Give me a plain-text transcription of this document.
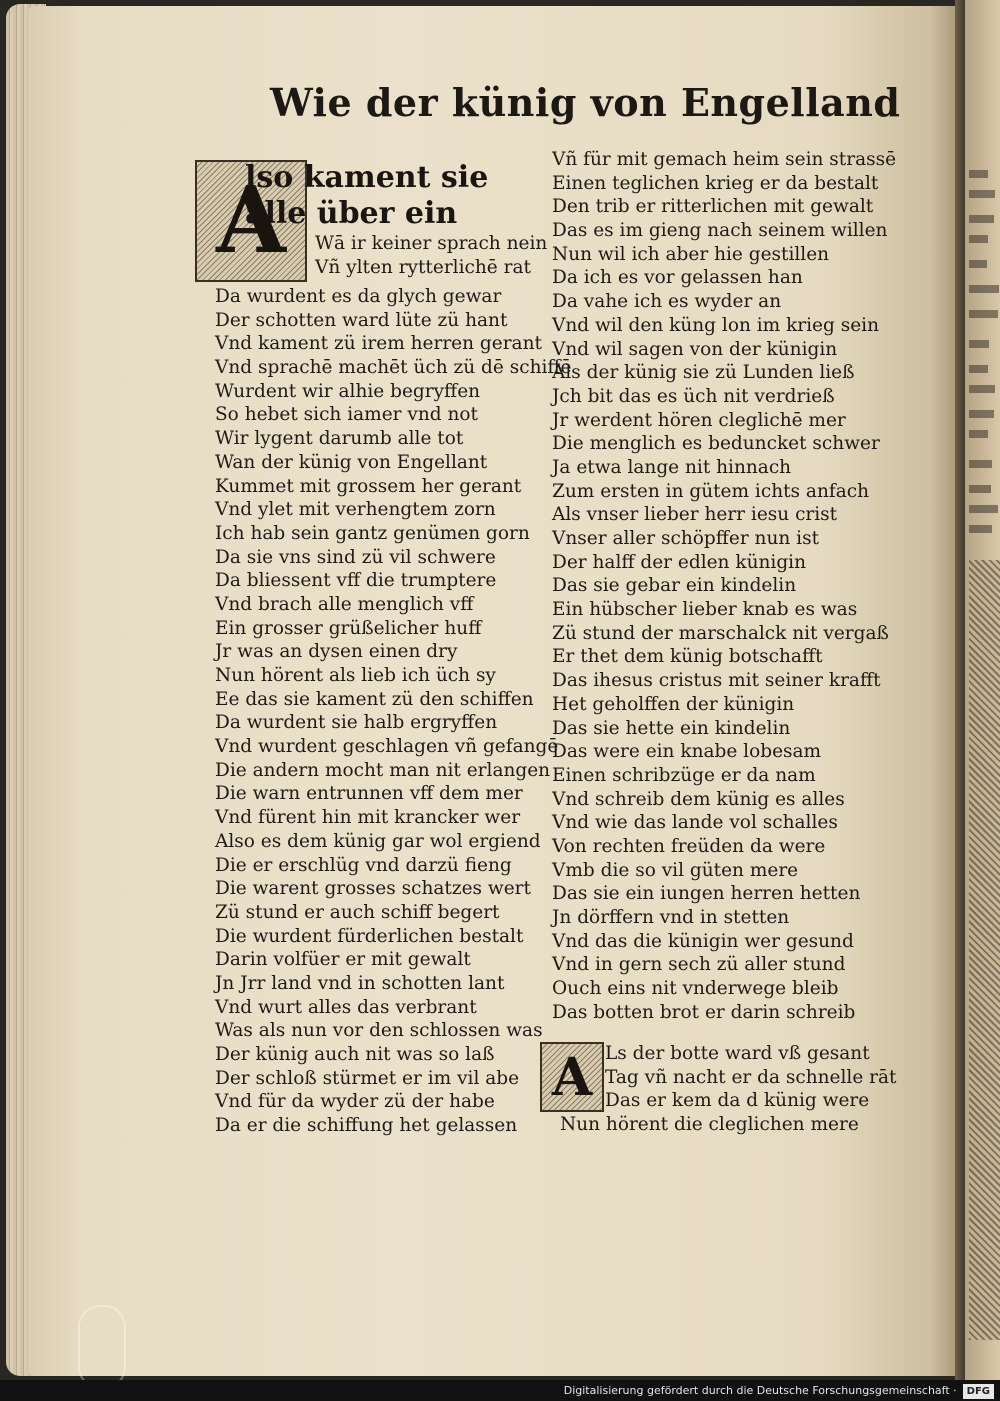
Wie der künig von Engelland
A
lso kament sie
alle über ein
Wā ir keiner sprach nein
Vñ ylten rytterlichē rat
Da wurdent es da glych gewar
Der schotten ward lüte zü hant
Vnd kament zü irem herren gerant
Vnd sprachē machēt üch zü dē schiffē
Wurdent wir alhie begryffen
So hebet sich iamer vnd not
Wir lygent darumb alle tot
Wan der künig von Engellant
Kummet mit grossem her gerant
Vnd ylet mit verhengtem zorn
Ich hab sein gantz genümen gorn
Da sie vns sind zü vil schwere
Da bliessent vff die trumptere
Vnd brach alle menglich vff
Ein grosser grüßelicher huff
Jr was an dysen einen dry
Nun hörent als lieb ich üch sy
Ee das sie kament zü den schiffen
Da wurdent sie halb ergryffen
Vnd wurdent geschlagen vñ gefangē
Die andern mocht man nit erlangen
Die warn entrunnen vff dem mer
Vnd fürent hin mit krancker wer
Also es dem künig gar wol ergiend
Die er erschlüg vnd darzü fieng
Die warent grosses schatzes wert
Zü stund er auch schiff begert
Die wurdent fürderlichen bestalt
Darin volfüer er mit gewalt
Jn Jrr land vnd in schotten lant
Vnd wurt alles das verbrant
Was als nun vor den schlossen was
Der künig auch nit was so laß
Der schloß stürmet er im vil abe
Vnd für da wyder zü der habe
Da er die schiffung het gelassen
Vñ für mit gemach heim sein strassē
Einen teglichen krieg er da bestalt
Den trib er ritterlichen mit gewalt
Das es im gieng nach seinem willen
Nun wil ich aber hie gestillen
Da ich es vor gelassen han
Da vahe ich es wyder an
Vnd wil den küng lon im krieg sein
Vnd wil sagen von der künigin
Als der künig sie zü Lunden ließ
Jch bit das es üch nit verdrieß
Jr werdent hören cleglichē mer
Die menglich es beduncket schwer
Ja etwa lange nit hinnach
Zum ersten in gütem ichts anfach
Als vnser lieber herr iesu crist
Vnser aller schöpffer nun ist
Der halff der edlen künigin
Das sie gebar ein kindelin
Ein hübscher lieber knab es was
Zü stund der marschalck nit vergaß
Er thet dem künig botschafft
Das ihesus cristus mit seiner krafft
Het geholffen der künigin
Das sie hette ein kindelin
Das were ein knabe lobesam
Einen schribzüge er da nam
Vnd schreib dem künig es alles
Vnd wie das lande vol schalles
Von rechten freüden da were
Vmb die so vil güten mere
Das sie ein iungen herren hetten
Jn dörffern vnd in stetten
Vnd das die künigin wer gesund
Vnd in gern sech zü aller stund
Ouch eins nit vnderwege bleib
Das botten brot er darin schreib
A Ls der botte ward vß gesant
Tag vñ nacht er da schnelle rāt
Das er kem da d künig were
Nun hörent die cleglichen mere
Digitalisierung gefördert durch die Deutsche Forschungsgemeinschaft · DFG
